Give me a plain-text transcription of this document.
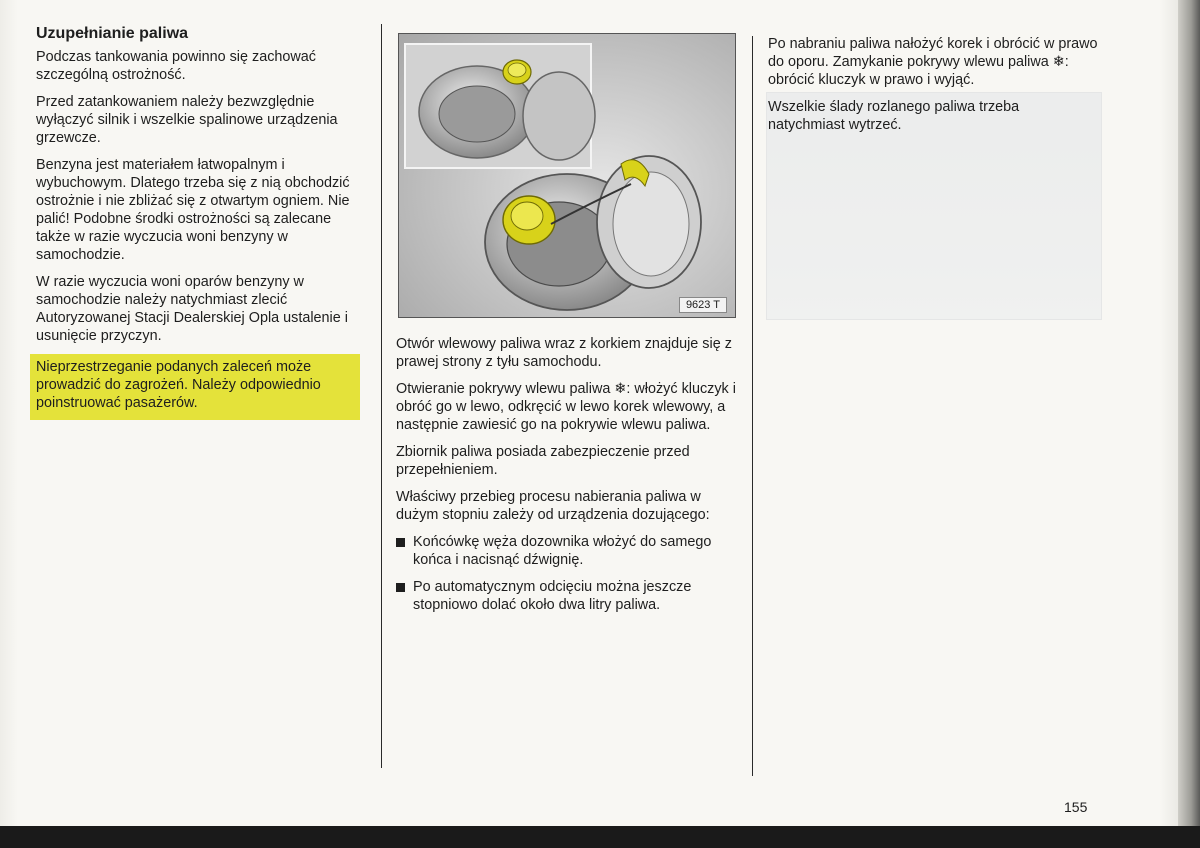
Uzupełnianie paliwa

Podczas tankowania powinno się zachować szczególną ostrożność.

Przed zatankowaniem należy bezwzględnie wyłączyć silnik i wszelkie spalinowe urządzenia grzewcze.

Benzyna jest materiałem łatwopalnym i wybuchowym. Dlatego trzeba się z nią obchodzić ostrożnie i nie zbliżać się z otwartym ogniem. Nie palić! Podobne środki ostrożności są zalecane także w razie wyczucia woni benzyny w samochodzie.

W razie wyczucia woni oparów benzyny w samochodzie należy natychmiast zlecić Autoryzowanej Stacji Dealerskiej Opla ustalenie i usunięcie przyczyn.

Nieprzestrzeganie podanych zaleceń może prowadzić do zagrożeń. Należy odpowiednio poinstruować pasażerów.
9623 T

Otwór wlewowy paliwa wraz z korkiem znajduje się z prawej strony z tyłu samochodu.

Otwieranie pokrywy wlewu paliwa ❄: włożyć kluczyk i obróć go w lewo, odkręcić w lewo korek wlewowy, a następnie zawiesić go na pokrywie wlewu paliwa.

Zbiornik paliwa posiada zabezpieczenie przed przepełnieniem.

Właściwy przebieg procesu nabierania paliwa w dużym stopniu zależy od urządzenia dozującego:

Końcówkę węża dozownika włożyć do samego końca i nacisnąć dźwignię.
Po automatycznym odcięciu można jeszcze stopniowo dolać około dwa litry paliwa.

Po nabraniu paliwa nałożyć korek i obrócić w prawo do oporu. Zamykanie pokrywy wlewu paliwa ❄: obrócić kluczyk w prawo i wyjąć.

Wszelkie ślady rozlanego paliwa trzeba natychmiast wytrzeć.

155
